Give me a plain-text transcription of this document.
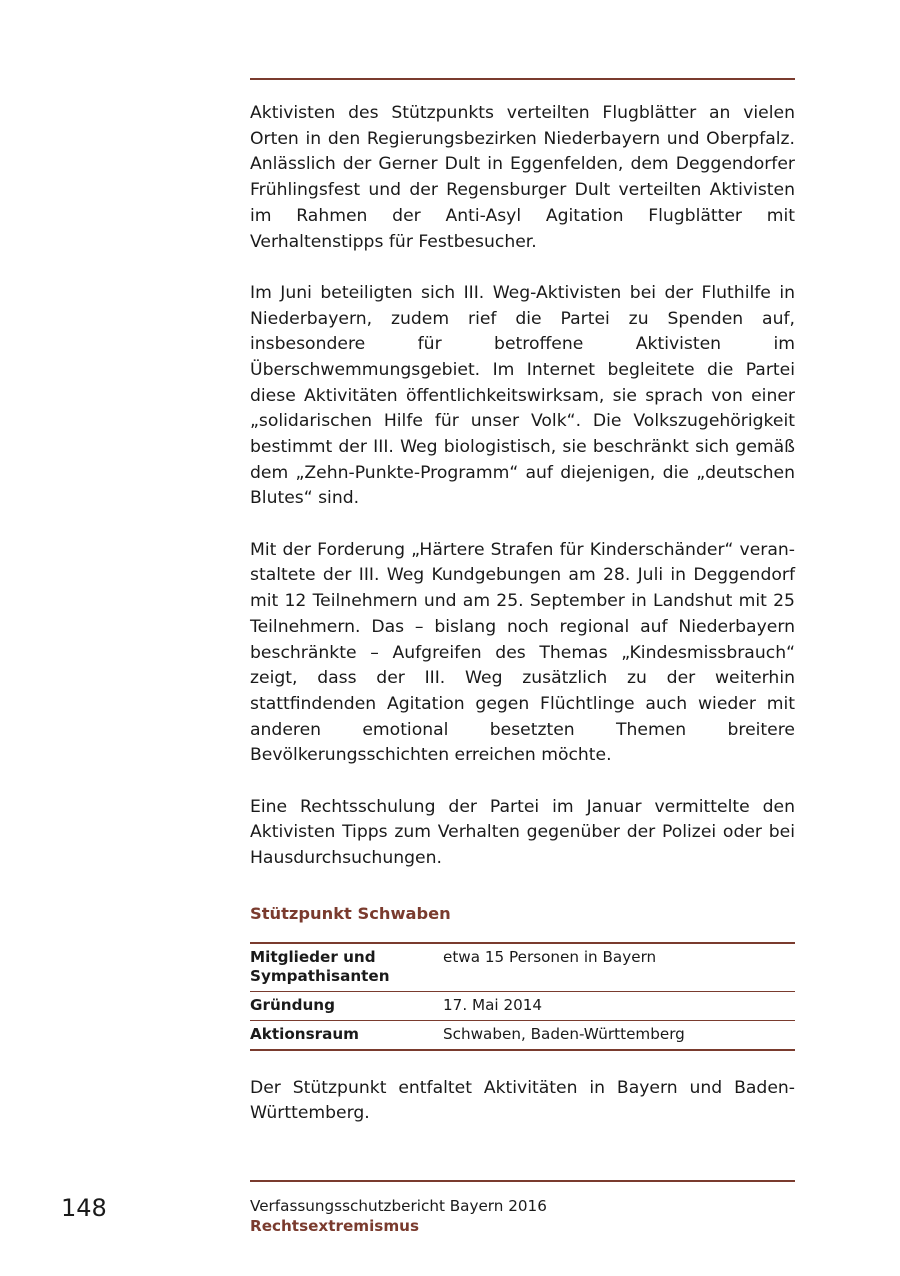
Aktivisten des Stützpunkts verteilten Flugblätter an vielen Orten in den Regierungsbezirken Niederbayern und Oberpfalz. Anlässlich der Gerner Dult in Eggenfelden, dem Deggendorfer Frühlingsfest und der Regensburger Dult verteilten Aktivisten im Rahmen der Anti-Asyl Agitation Flugblätter mit Verhaltenstipps für Festbesucher.

Im Juni beteiligten sich III. Weg-Aktivisten bei der Fluthilfe in Niederbayern, zudem rief die Partei zu Spenden auf, insbesondere für betroffene Aktivisten im Überschwemmungsgebiet. Im Internet begleitete die Partei diese Aktivitäten öffentlichkeitswirksam, sie sprach von einer „solidarischen Hilfe für unser Volk“. Die Volkszugehörigkeit bestimmt der III. Weg biologistisch, sie beschränkt sich gemäß dem „Zehn-Punkte-Programm“ auf diejenigen, die „deutschen Blutes“ sind.

Mit der Forderung „Härtere Strafen für Kinderschänder“ veranstaltete der III. Weg Kundgebungen am 28. Juli in Deggendorf mit 12 Teilnehmern und am 25. September in Landshut mit 25 Teilnehmern. Das – bislang noch regional auf Niederbayern beschränkte – Aufgreifen des Themas „Kindesmissbrauch“ zeigt, dass der III. Weg zusätzlich zu der weiterhin stattfindenden Agitation gegen Flüchtlinge auch wieder mit anderen emotional besetzten Themen breitere Bevölkerungsschichten erreichen möchte.

Eine Rechtsschulung der Partei im Januar vermittelte den Aktivisten Tipps zum Verhalten gegenüber der Polizei oder bei Hausdurchsuchungen.

Stützpunkt Schwaben
Mitglieder und Sympathisanten	etwa 15 Personen in Bayern
Gründung	17. Mai 2014
Aktionsraum	Schwaben, Baden-Württemberg

Der Stützpunkt entfaltet Aktivitäten in Bayern und Baden-Württemberg.

148	Verfassungsschutzbericht Bayern 2016
Rechtsextremismus
